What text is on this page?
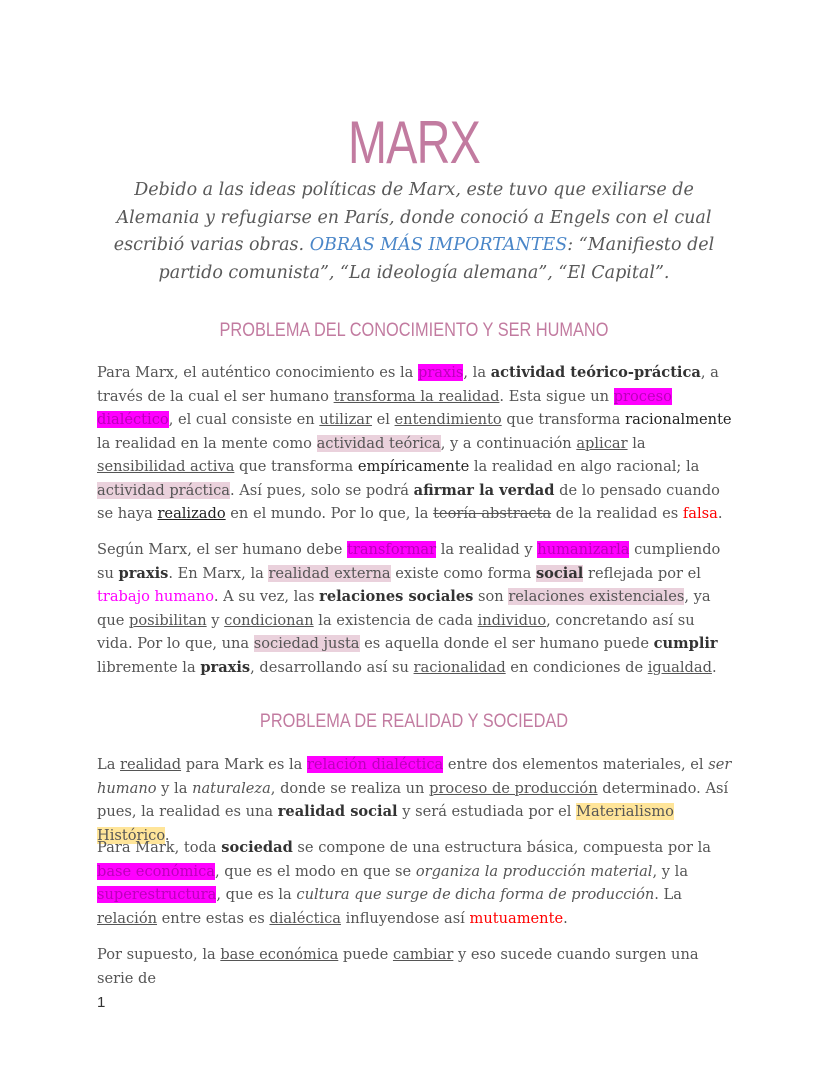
MARX

Debido a las ideas políticas de Marx, este tuvo que exiliarse de Alemania y refugiarse en París, donde conoció a Engels con el cual escribió varias obras. OBRAS MÁS IMPORTANTES: “Manifiesto del partido comunista”, “La ideología alemana”, “El Capital”.

PROBLEMA DEL CONOCIMIENTO Y SER HUMANO

Para Marx, el auténtico conocimiento es la praxis, la actividad teórico-práctica, a través de la cual el ser humano transforma la realidad. Esta sigue un proceso dialéctico, el cual consiste en utilizar el entendimiento que transforma racionalmente la realidad en la mente como actividad teórica, y a continuación aplicar la sensibilidad activa que transforma empíricamente la realidad en algo racional; la actividad práctica. Así pues, solo se podrá afirmar la verdad de lo pensado cuando se haya realizado en el mundo. Por lo que, la teoría abstracta de la realidad es falsa.

Según Marx, el ser humano debe transformar la realidad y humanizarla cumpliendo su praxis. En Marx, la realidad externa existe como forma social reflejada por el trabajo humano. A su vez, las relaciones sociales son relaciones existenciales, ya que posibilitan y condicionan la existencia de cada individuo, concretando así su vida. Por lo que, una sociedad justa es aquella donde el ser humano puede cumplir libremente la praxis, desarrollando así su racionalidad en condiciones de igualdad.

PROBLEMA DE REALIDAD Y SOCIEDAD

La realidad para Mark es la relación dialéctica entre dos elementos materiales, el ser humano y la naturaleza, donde se realiza un proceso de producción determinado. Así pues, la realidad es una realidad social y será estudiada por el Materialismo Histórico.

Para Mark, toda sociedad se compone de una estructura básica, compuesta por la base económica, que es el modo en que se organiza la producción material, y la superestructura, que es la cultura que surge de dicha forma de producción. La relación entre estas es dialéctica influyendose así mutuamente.

Por supuesto, la base económica puede cambiar y eso sucede cuando surgen una serie de

1
